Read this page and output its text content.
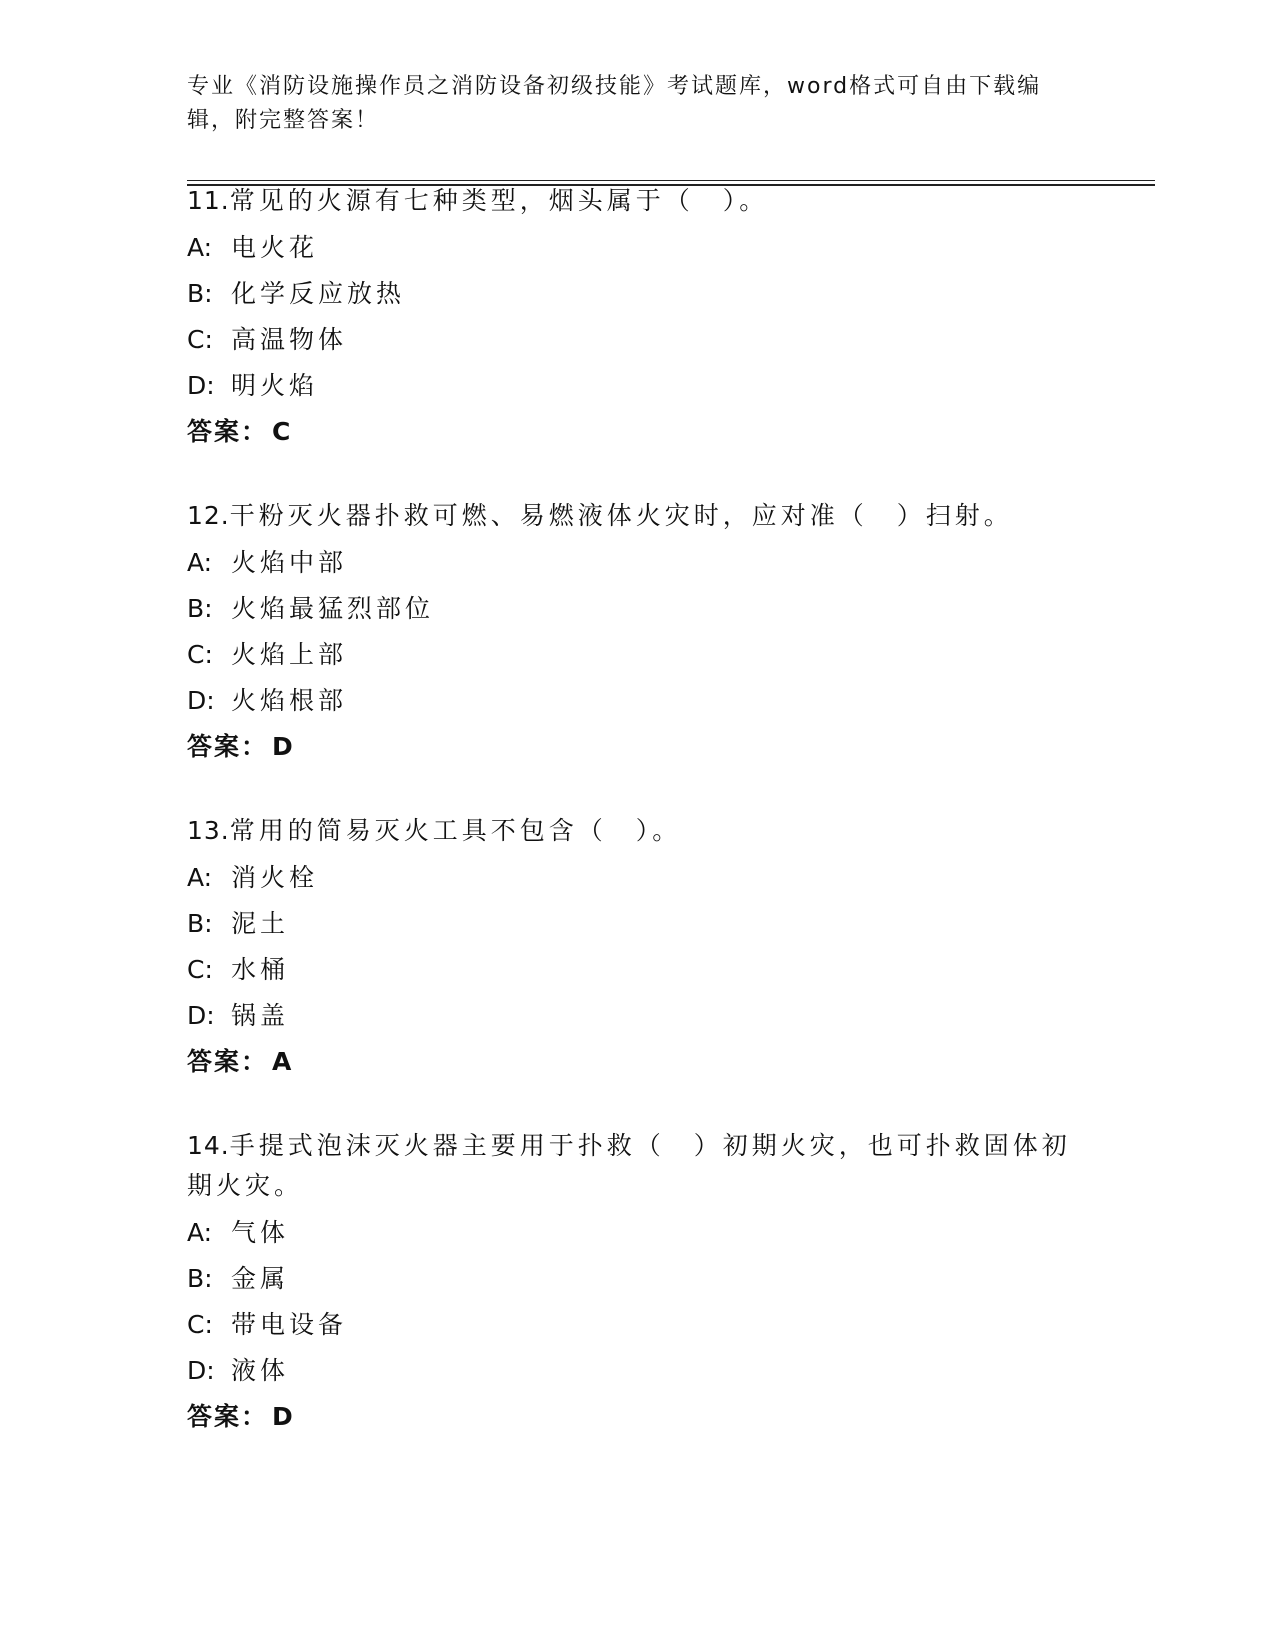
专业《消防设施操作员之消防设备初级技能》考试题库，word格式可自由下载编辑，附完整答案！
11.常见的火源有七种类型，烟头属于（　）。
A: 电火花
B: 化学反应放热
C: 高温物体
D: 明火焰
答案： C
12.干粉灭火器扑救可燃、易燃液体火灾时，应对准（　）扫射。
A: 火焰中部
B: 火焰最猛烈部位
C: 火焰上部
D: 火焰根部
答案： D
13.常用的简易灭火工具不包含（　）。
A: 消火栓
B: 泥土
C: 水桶
D: 锅盖
答案： A
14.手提式泡沫灭火器主要用于扑救（　）初期火灾，也可扑救固体初期火灾。
A: 气体
B: 金属
C: 带电设备
D: 液体
答案： D
